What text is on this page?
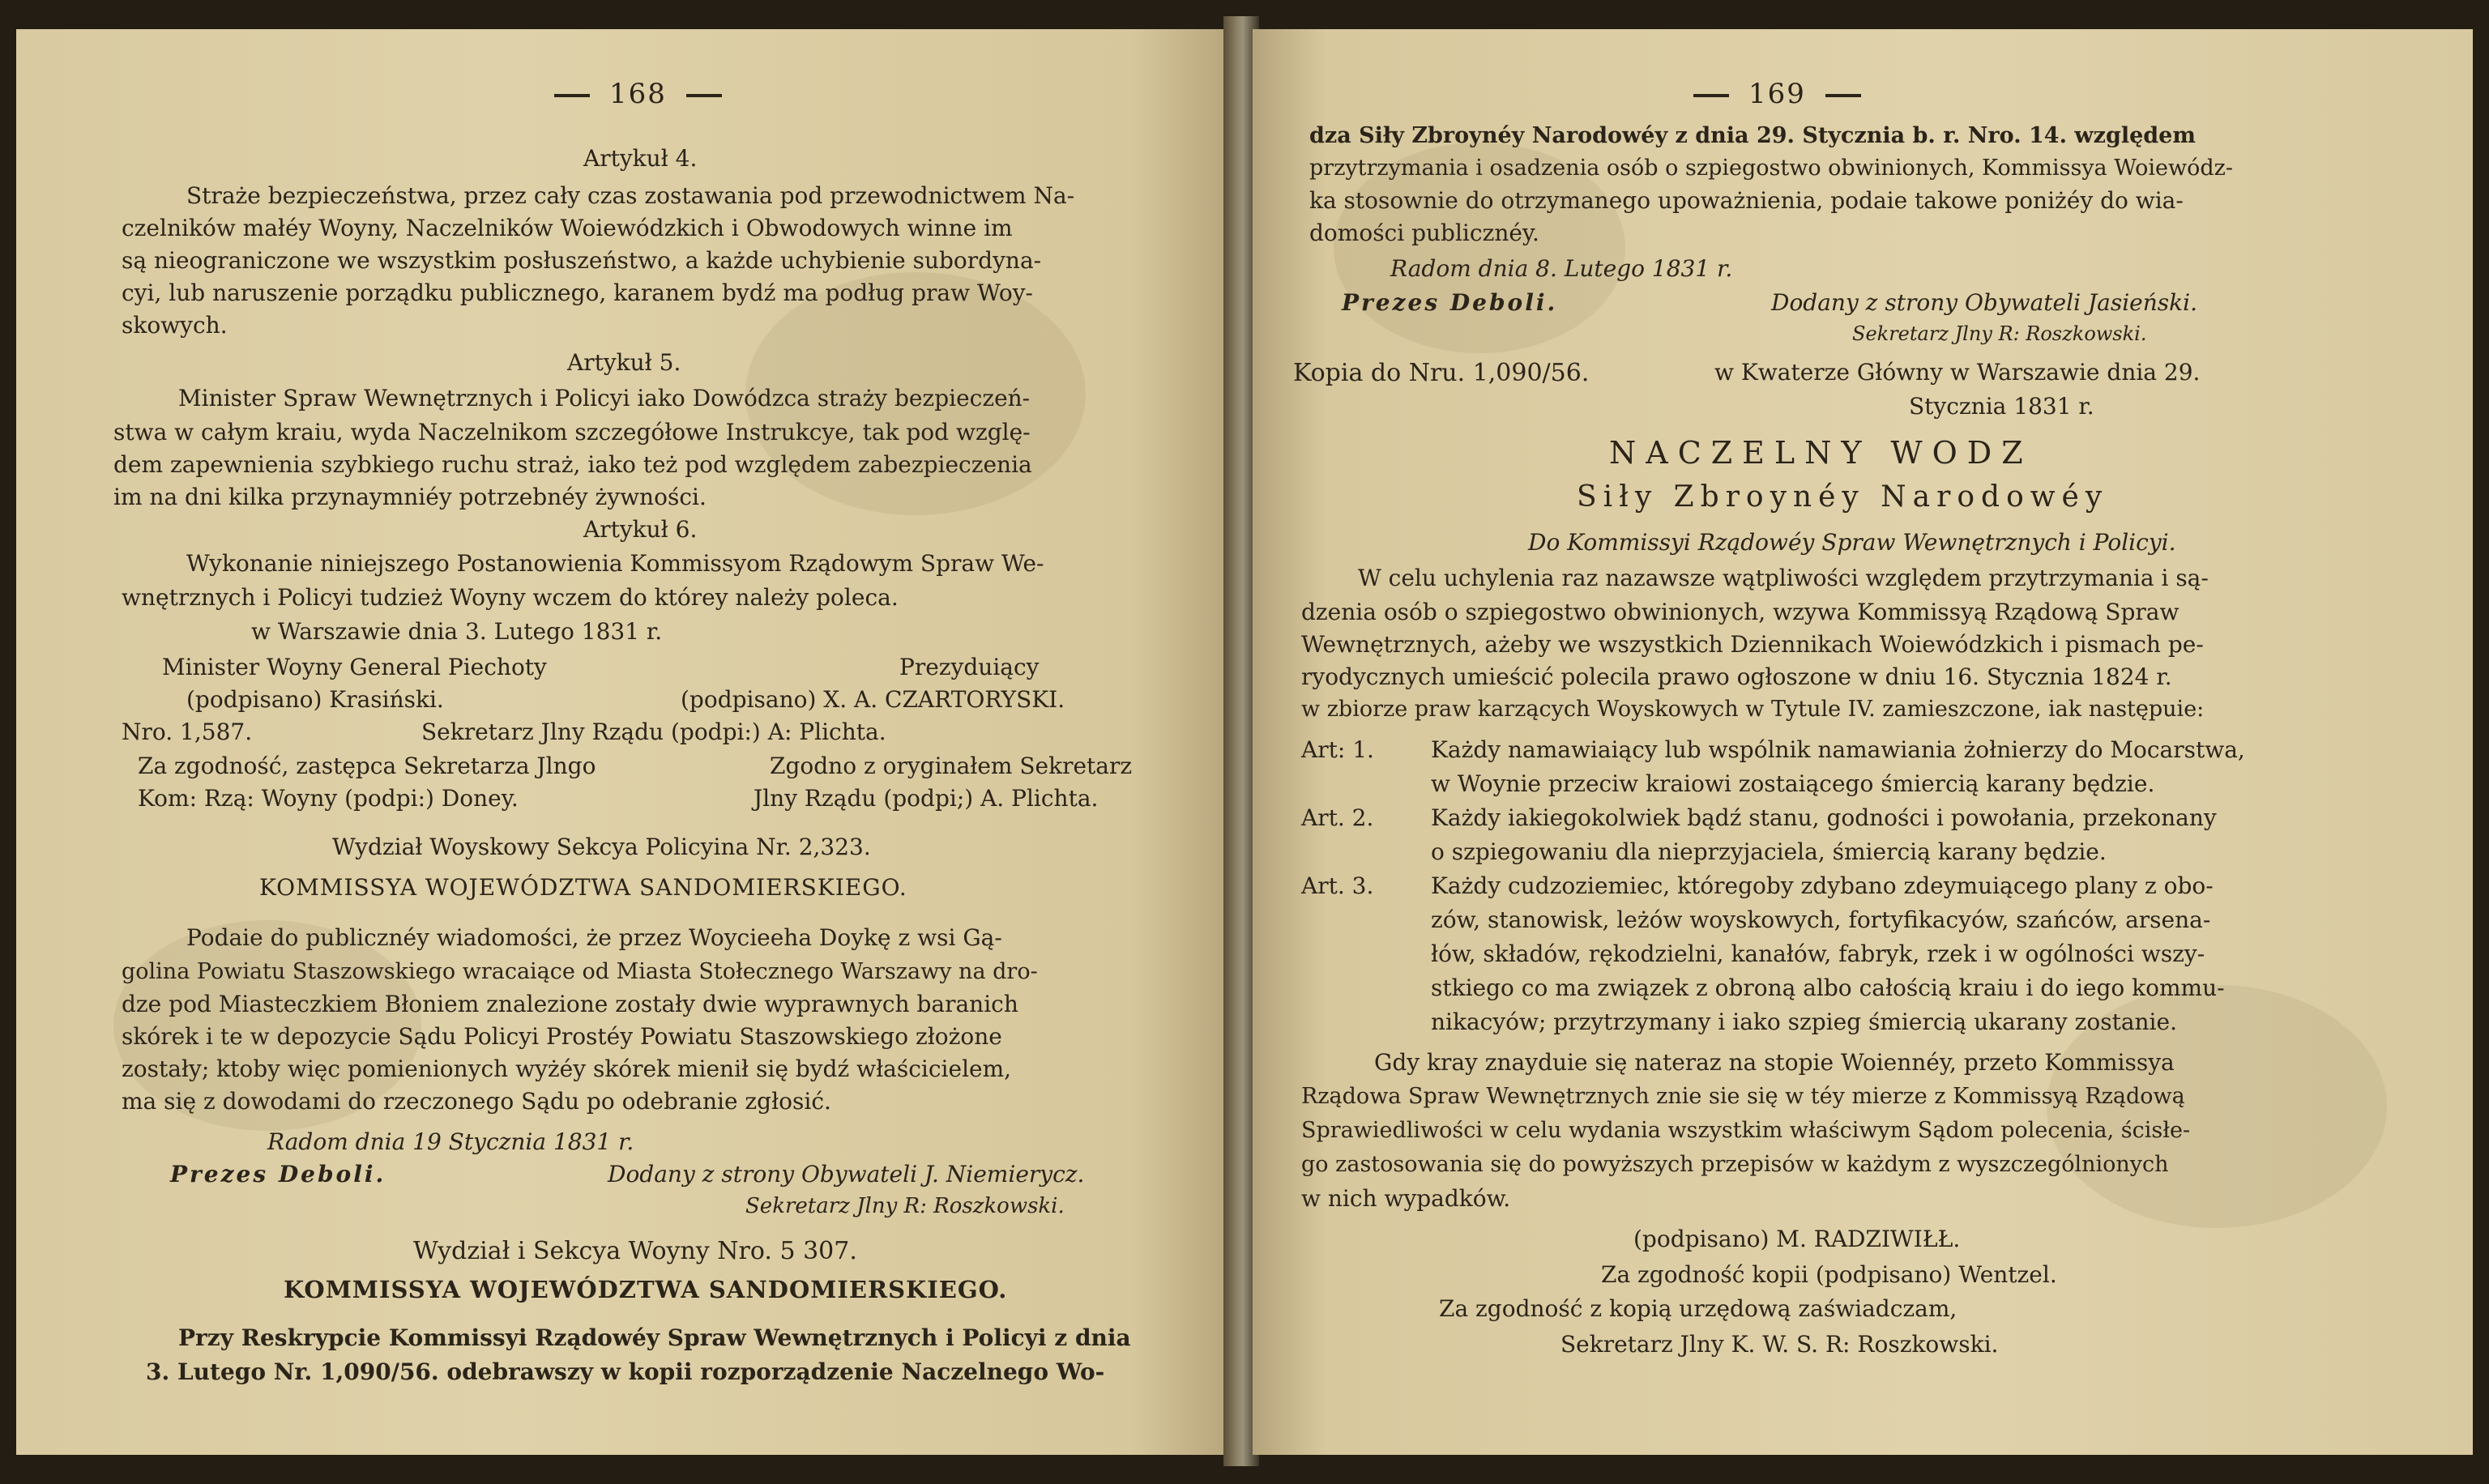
168
Artykuł 4.
Straże bezpieczeństwa, przez cały czas zostawania pod przewodnictwem Na-
czelników małéy Woyny, Naczelników Woiewódzkich i Obwodowych winne im
są nieograniczone we wszystkim posłuszeństwo, a każde uchybienie subordyna-
cyi, lub naruszenie porządku publicznego, karanem bydź ma podług praw Woy-
skowych.
Artykuł 5.
Minister Spraw Wewnętrznych i Policyi iako Dowódzca straży bezpieczeń-
stwa w całym kraiu, wyda Naczelnikom szczegółowe Instrukcye, tak pod wzglę-
dem zapewnienia szybkiego ruchu straż, iako też pod względem zabezpieczenia
im na dni kilka przynaymniéy potrzebnéy żywności.
Artykuł 6.
Wykonanie niniejszego Postanowienia Kommissyom Rządowym Spraw We-
wnętrznych i Policyi tudzież Woyny wczem do którey należy poleca.
w Warszawie dnia 3. Lutego 1831 r.
Minister Woyny General Piechoty	Prezyduiący
(podpisano) Krasiński.	(podpisano) X. A. CZARTORYSKI.
Nro. 1,587.	Sekretarz Jlny Rządu (podpi:) A: Plichta.
Za zgodność, zastępca Sekretarza Jlngo	Zgodno z oryginałem Sekretarz
Kom: Rzą: Woyny (podpi:) Doney.	Jlny Rządu (podpi;) A. Plichta.
Wydział Woyskowy Sekcya Policyina Nr. 2,323.
KOMMISSYA WOJEWÓDZTWA SANDOMIERSKIEGO.
Podaie do publicznéy wiadomości, że przez Woycieeha Doykę z wsi Gą-
golina Powiatu Staszowskiego wracaiące od Miasta Stołecznego Warszawy na dro-
dze pod Miasteczkiem Błoniem znalezione zostały dwie wyprawnych baranich
skórek i te w depozycie Sądu Policyi Prostéy Powiatu Staszowskiego złożone
zostały; ktoby więc pomienionych wyżéy skórek mienił się bydź właścicielem,
ma się z dowodami do rzeczonego Sądu po odebranie zgłosić.
Radom dnia 19 Stycznia 1831 r.
Prezes Deboli.	Dodany z strony Obywateli J. Niemierycz.
Sekretarz Jlny R: Roszkowski.
Wydział i Sekcya Woyny Nro. 5 307.
KOMMISSYA WOJEWÓDZTWA SANDOMIERSKIEGO.
Przy Reskrypcie Kommissyi Rządowéy Spraw Wewnętrznych i Policyi z dnia
3. Lutego Nr. 1,090/56. odebrawszy w kopii rozporządzenie Naczelnego Wo-
169
dza Siły Zbroynéy Narodowéy z dnia 29. Stycznia b. r. Nro. 14. względem
przytrzymania i osadzenia osób o szpiegostwo obwinionych, Kommissya Woiewódz-
ka stosownie do otrzymanego upoważnienia, podaie takowe poniżéy do wia-
domości publicznéy.
Radom dnia 8. Lutego 1831 r.
Prezes Deboli.	Dodany z strony Obywateli Jasieński.
Sekretarz Jlny R: Roszkowski.
Kopia do Nru. 1,090/56.	w Kwaterze Główny w Warszawie dnia 29.
Stycznia 1831 r.
NACZELNY WODZ
Siły Zbroynéy Narodowéy
Do Kommissyi Rządowéy Spraw Wewnętrznych i Policyi.
W celu uchylenia raz nazawsze wątpliwości względem przytrzymania i są-
dzenia osób o szpiegostwo obwinionych, wzywa Kommissyą Rządową Spraw
Wewnętrznych, ażeby we wszystkich Dziennikach Woiewódzkich i pismach pe-
ryodycznych umieścić polecila prawo ogłoszone w dniu 16. Stycznia 1824 r.
w zbiorze praw karzących Woyskowych w Tytule IV. zamieszczone, iak następuie:
Art: 1.	Każdy namawiaiący lub wspólnik namawiania żołnierzy do Mocarstwa,
w Woynie przeciw kraiowi zostaiącego śmiercią karany będzie.
Art. 2.	Każdy iakiegokolwiek bądź stanu, godności i powołania, przekonany
o szpiegowaniu dla nieprzyjaciela, śmiercią karany będzie.
Art. 3.	Każdy cudzoziemiec, któregoby zdybano zdeymuiącego plany z obo-
zów, stanowisk, leżów woyskowych, fortyfikacyów, szańców, arsena-
łów, składów, rękodzielni, kanałów, fabryk, rzek i w ogólności wszy-
stkiego co ma związek z obroną albo całością kraiu i do iego kommu-
nikacyów; przytrzymany i iako szpieg śmiercią ukarany zostanie.
Gdy kray znayduie się nateraz na stopie Woiennéy, przeto Kommissya
Rządowa Spraw Wewnętrznych znie sie się w téy mierze z Kommissyą Rządową
Sprawiedliwości w celu wydania wszystkim właściwym Sądom polecenia, ścisłe-
go zastosowania się do powyższych przepisów w każdym z wyszczególnionych
w nich wypadków.
(podpisano) M. RADZIWIŁŁ.
Za zgodność kopii (podpisano) Wentzel.
Za zgodność z kopią urzędową zaświadczam,
Sekretarz Jlny K. W. S. R: Roszkowski.
